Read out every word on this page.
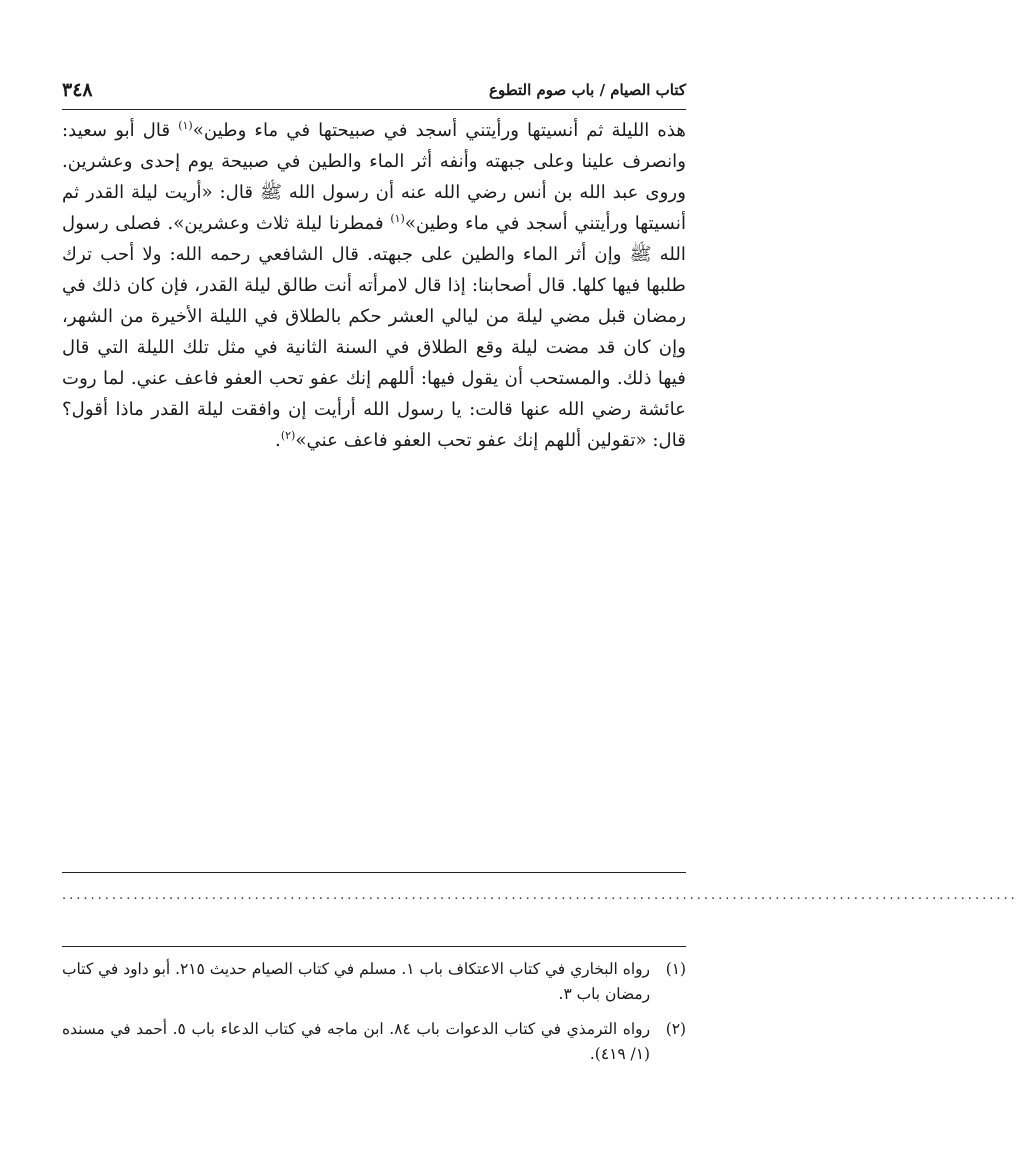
٣٤٨	كتاب الصيام / باب صوم التطوع

هذه الليلة ثم أنسيتها ورأيتني أسجد في صبيحتها في ماء وطين»$^{(١)}$ قال أبو سعيد: وانصرف علينا وعلى جبهته وأنفه أثر الماء والطين في صبيحة يوم إحدى وعشرين. وروى عبد الله بن أنس رضي الله عنه أن رسول الله ﷺ قال: «أريت ليلة القدر ثم أنسيتها ورأيتني أسجد في ماء وطين»$^{(١)}$ فمطرنا ليلة ثلاث وعشرين». فصلى رسول الله ﷺ وإن أثر الماء والطين على جبهته. قال الشافعي رحمه الله: ولا أحب ترك طلبها فيها كلها. قال أصحابنا: إذا قال لامرأته أنت طالق ليلة القدر، فإن كان ذلك في رمضان قبل مضي ليلة من ليالي العشر حكم بالطلاق في الليلة الأخيرة من الشهر، وإن كان قد مضت ليلة وقع الطلاق في السنة الثانية في مثل تلك الليلة التي قال فيها ذلك. والمستحب أن يقول فيها: أللهم إنك عفو تحب العفو فاعف عني. لما روت عائشة رضي الله عنها قالت: يا رسول الله أرأيت إن وافقت ليلة القدر ماذا أقول؟ قال: «تقولين أللهم إنك عفو تحب العفو فاعف عني»$^{(٢)}$.

......................................................................................................................................
(١)
رواه البخاري في كتاب الاعتكاف باب ١. مسلم في كتاب الصيام حديث ٢١٥. أبو داود في كتاب رمضان باب ٣.
(٢)
رواه الترمذي في كتاب الدعوات باب ٨٤. ابن ماجه في كتاب الدعاء باب ٥. أحمد في مسنده (١/ ٤١٩).
